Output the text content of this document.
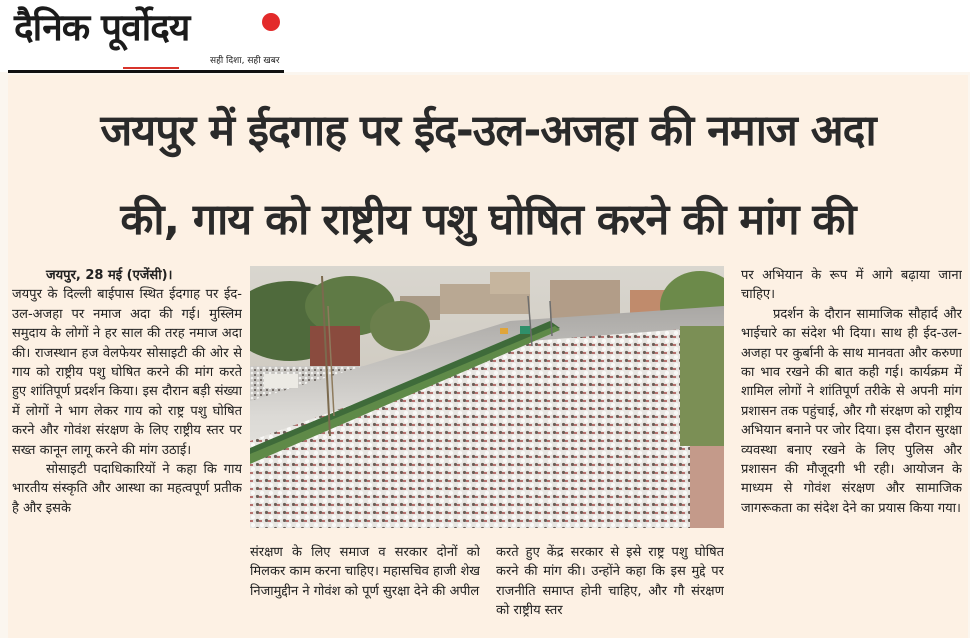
दैनिक पूर्वोदय
सही दिशा, सही खबर
जयपुर में ईदगाह पर ईद-उल-अजहा की नमाज अदा
की, गाय को राष्ट्रीय पशु घोषित करने की मांग की

जयपुर, 28 मई (एजेंसी)।

जयपुर के दिल्ली बाईपास स्थित ईदगाह पर ईद-उल-अजहा पर नमाज अदा की गई। मुस्लिम समुदाय के लोगों ने हर साल की तरह नमाज अदा की। राजस्थान हज वेलफेयर सोसाइटी की ओर से गाय को राष्ट्रीय पशु घोषित करने की मांग करते हुए शांतिपूर्ण प्रदर्शन किया। इस दौरान बड़ी संख्या में लोगों ने भाग लेकर गाय को राष्ट्र पशु घोषित करने और गोवंश संरक्षण के लिए राष्ट्रीय स्तर पर सख्त कानून लागू करने की मांग उठाई।

सोसाइटी पदाधिकारियों ने कहा कि गाय भारतीय संस्कृति और आस्था का महत्वपूर्ण प्रतीक है और इसके

संरक्षण के लिए समाज व सरकार दोनों को मिलकर काम करना चाहिए। महासचिव हाजी शेख निजामुद्दीन ने गोवंश को पूर्ण सुरक्षा देने की अपील

करते हुए केंद्र सरकार से इसे राष्ट्र पशु घोषित करने की मांग की। उन्होंने कहा कि इस मुद्दे पर राजनीति समाप्त होनी चाहिए, और गौ संरक्षण को राष्ट्रीय स्तर

पर अभियान के रूप में आगे बढ़ाया जाना चाहिए।

प्रदर्शन के दौरान सामाजिक सौहार्द और भाईचारे का संदेश भी दिया। साथ ही ईद-उल-अजहा पर कुर्बानी के साथ मानवता और करुणा का भाव रखने की बात कही गई। कार्यक्रम में शामिल लोगों ने शांतिपूर्ण तरीके से अपनी मांग प्रशासन तक पहुंचाई, और गौ संरक्षण को राष्ट्रीय अभियान बनाने पर जोर दिया। इस दौरान सुरक्षा व्यवस्था बनाए रखने के लिए पुलिस और प्रशासन की मौजूदगी भी रही। आयोजन के माध्यम से गोवंश संरक्षण और सामाजिक जागरूकता का संदेश देने का प्रयास किया गया।
